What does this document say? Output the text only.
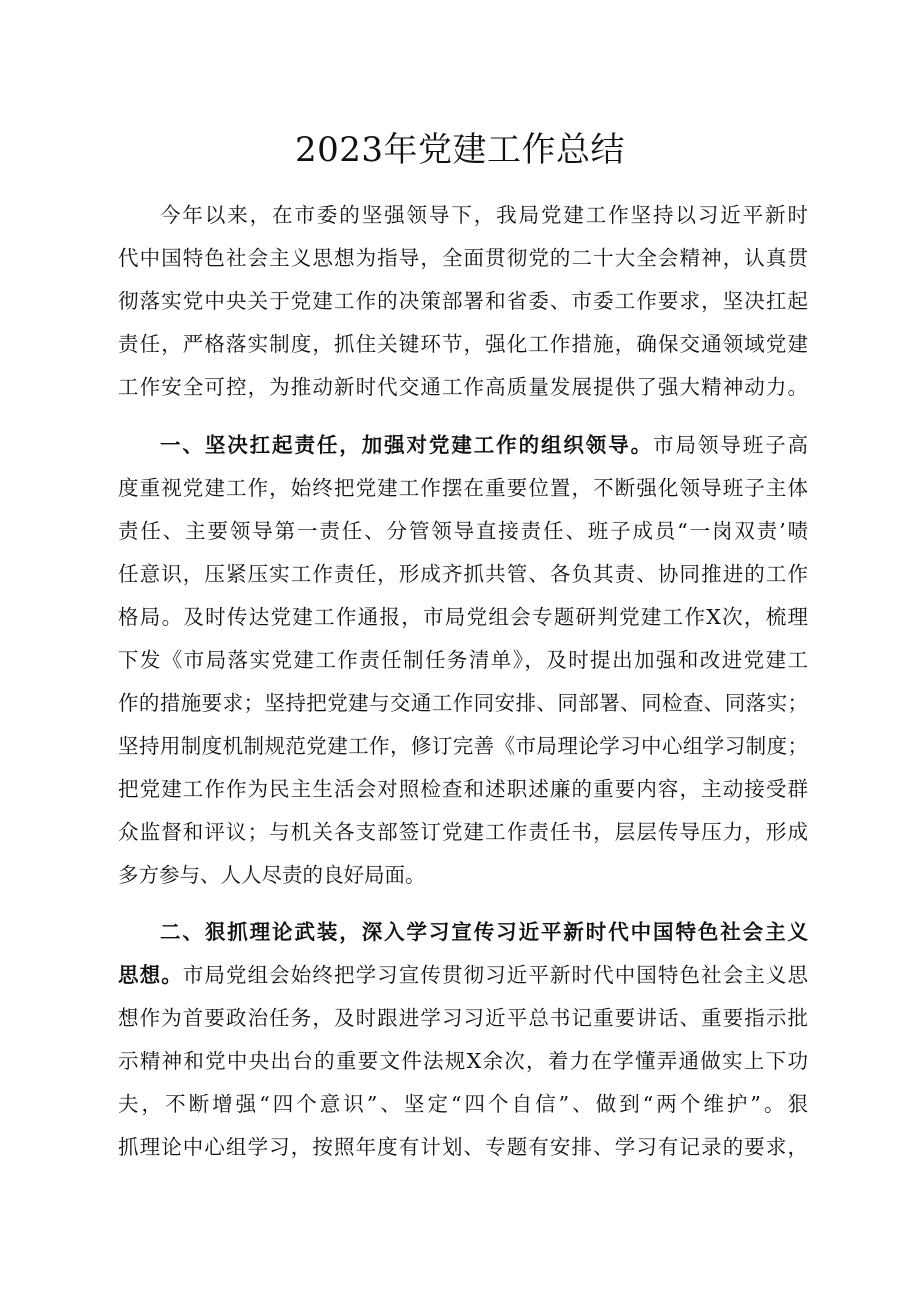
2023年党建工作总结
今年以来，在市委的坚强领导下，我局党建工作坚持以习近平新时
代中国特色社会主义思想为指导，全面贯彻党的二十大全会精神，认真贯
彻落实党中央关于党建工作的决策部署和省委、市委工作要求，坚决扛起
责任，严格落实制度，抓住关键环节，强化工作措施，确保交通领域党建
工作安全可控，为推动新时代交通工作高质量发展提供了强大精神动力。
一、坚决扛起责任，加强对党建工作的组织领导。市局领导班子高
度重视党建工作，始终把党建工作摆在重要位置，不断强化领导班子主体
责任、主要领导第一责任、分管领导直接责任、班子成员“一岗双责’啧
任意识，压紧压实工作责任，形成齐抓共管、各负其责、协同推进的工作
格局。及时传达党建工作通报，市局党组会专题研判党建工作X次，梳理
下发《市局落实党建工作责任制任务清单》，及时提出加强和改进党建工
作的措施要求；坚持把党建与交通工作同安排、同部署、同检查、同落实；
坚持用制度机制规范党建工作，修订完善《市局理论学习中心组学习制度；
把党建工作作为民主生活会对照检查和述职述廉的重要内容，主动接受群
众监督和评议；与机关各支部签订党建工作责任书，层层传导压力，形成
多方参与、人人尽责的良好局面。
二、狠抓理论武装，深入学习宣传习近平新时代中国特色社会主义
思想。市局党组会始终把学习宣传贯彻习近平新时代中国特色社会主义思
想作为首要政治任务，及时跟进学习习近平总书记重要讲话、重要指示批
示精神和党中央出台的重要文件法规X余次，着力在学懂弄通做实上下功
夫，不断增强“四个意识”、坚定“四个自信”、做到“两个维护”。狠
抓理论中心组学习，按照年度有计划、专题有安排、学习有记录的要求，
